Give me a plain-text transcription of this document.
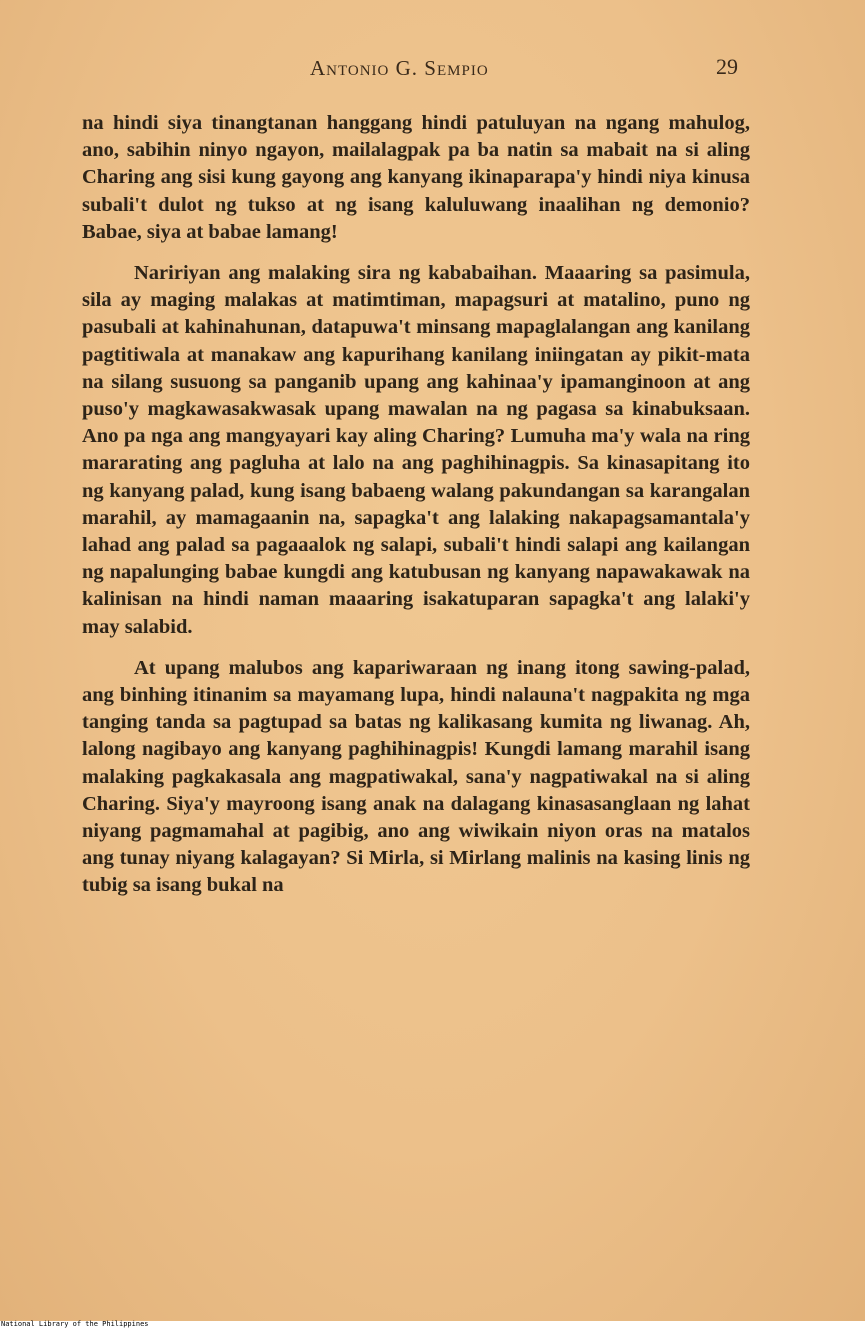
Antonio G. Sempio	29

na hindi siya tinangtanan hanggang hindi patuluyan na ngang mahulog, ano, sabihin ninyo ngayon, mailalagpak pa ba natin sa mabait na si aling Charing ang sisi kung gayong ang kanyang ikinaparapa'y hindi niya kinusa subali't dulot ng tukso at ng isang kaluluwang inaalihan ng demonio? Babae, siya at babae lamang!

Naririyan ang malaking sira ng kababaihan. Maaaring sa pasimula, sila ay maging malakas at matimtiman, mapagsuri at matalino, puno ng pasubali at kahinahunan, datapuwa't minsang mapaglalangan ang kanilang pagtitiwala at manakaw ang kapurihang kanilang iniingatan ay pikit-mata na silang susuong sa panganib upang ang kahinaa'y ipamanginoon at ang puso'y magkawasakwasak upang mawalan na ng pagasa sa kinabuksaan. Ano pa nga ang mangyayari kay aling Charing? Lumuha ma'y wala na ring mararating ang pagluha at lalo na ang paghihinagpis. Sa kinasapitang ito ng kanyang palad, kung isang babaeng walang pakundangan sa karangalan marahil, ay mamagaanin na, sapagka't ang lalaking nakapagsamantala'y lahad ang palad sa pagaaalok ng salapi, subali't hindi salapi ang kailangan ng napalunging babae kungdi ang katubusan ng kanyang napawakawak na kalinisan na hindi naman maaaring isakatuparan sapagka't ang lalaki'y may salabid.

At upang malubos ang kapariwaraan ng inang itong sawing-palad, ang binhing itinanim sa mayamang lupa, hindi nalauna't nagpakita ng mga tanging tanda sa pagtupad sa batas ng kalikasang kumita ng liwanag. Ah, lalong nagibayo ang kanyang paghihinagpis! Kungdi lamang marahil isang malaking pagkakasala ang magpatiwakal, sana'y nagpatiwakal na si aling Charing. Siya'y mayroong isang anak na dalagang kinasasanglaan ng lahat niyang pagmamahal at pagibig, ano ang wiwikain niyon oras na matalos ang tunay niyang kalagayan? Si Mirla, si Mirlang malinis na kasing linis ng tubig sa isang bukal na

National Library of the Philippines
